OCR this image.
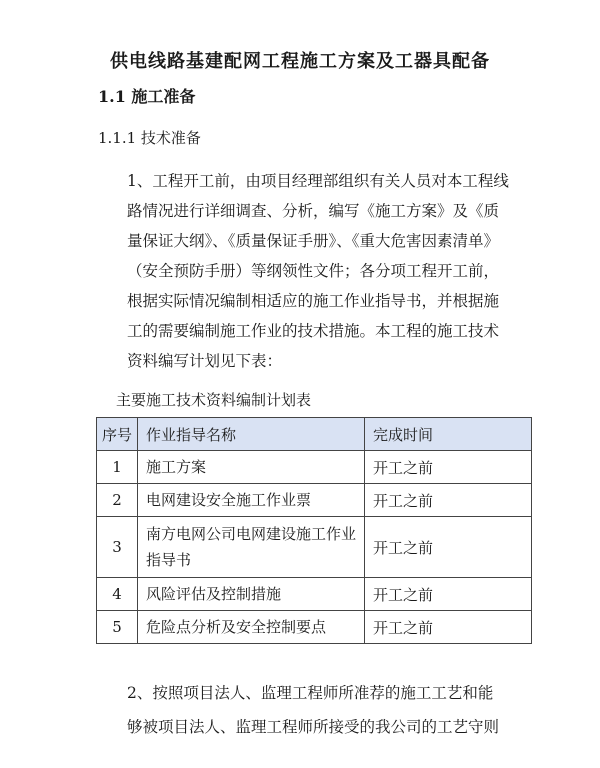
供电线路基建配网工程施工方案及工器具配备
1.1 施工准备
1.1.1 技术准备

1、工程开工前，由项目经理部组织有关人员对本工程线

路情况进行详细调查、分析，编写《施工方案》及《质

量保证大纲》、《质量保证手册》、《重大危害因素清单》

（安全预防手册）等纲领性文件；各分项工程开工前，

根据实际情况编制相适应的施工作业指导书，并根据施

工的需要编制施工作业的技术措施。本工程的施工技术

资料编写计划见下表：

主要施工技术资料编制计划表
序号	作业指导名称	完成时间
1	施工方案	开工之前
2	电网建设安全施工作业票	开工之前
3	南方电网公司电网建设施工作业指导书	开工之前
4	风险评估及控制措施	开工之前
5	危险点分析及安全控制要点	开工之前

2、按照项目法人、监理工程师所准荐的施工工艺和能

够被项目法人、监理工程师所接受的我公司的工艺守则
